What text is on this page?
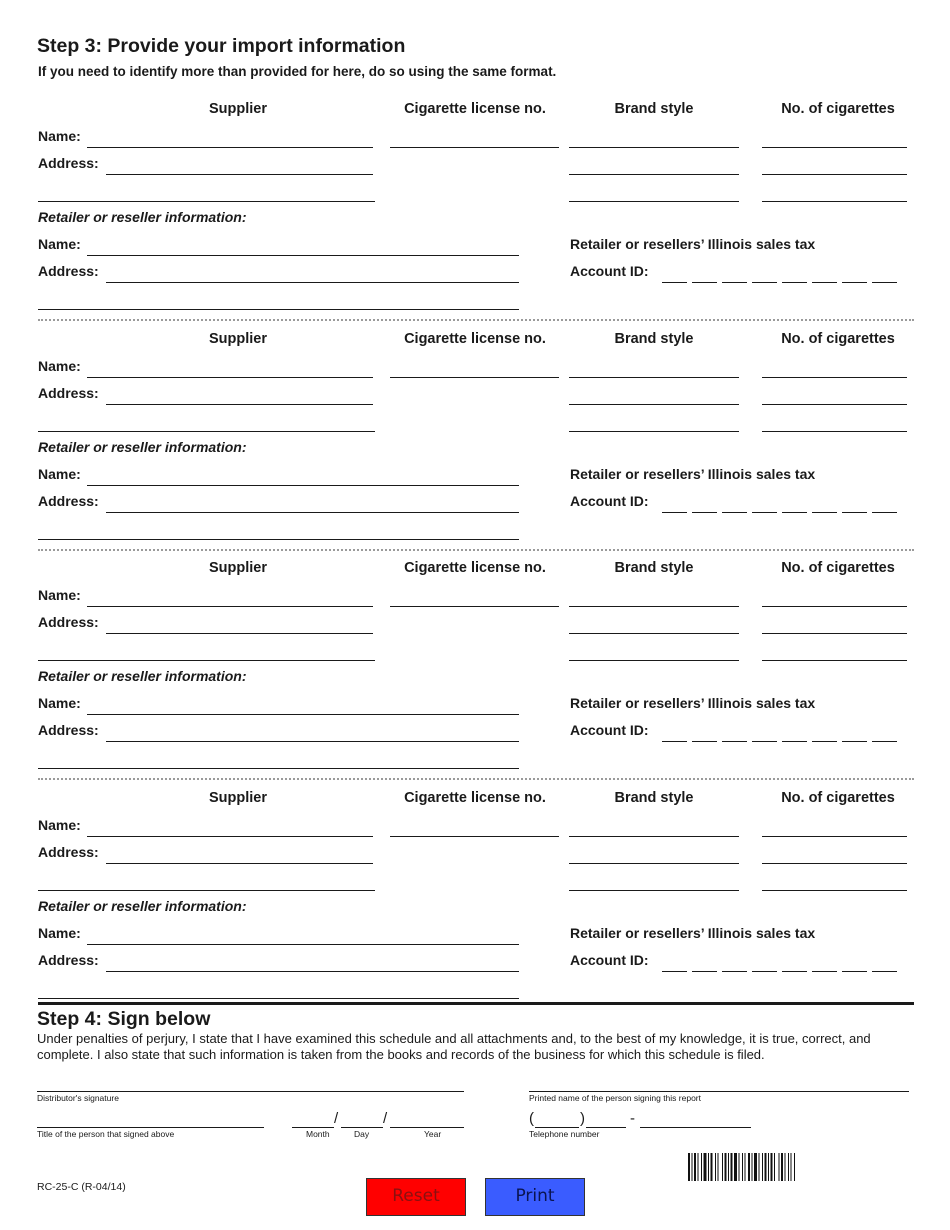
Step 3: Provide your import information
If you need to identify more than provided for here, do so using the same format.
Supplier	Cigarette license no.	Brand style	No. of cigarettes
Name:
Address:
Retailer or reseller information:
Name:	Retailer or resellers’ Illinois sales tax
Address:	Account ID:
Supplier	Cigarette license no.	Brand style	No. of cigarettes
Name:
Address:
Retailer or reseller information:
Name:	Retailer or resellers’ Illinois sales tax
Address:	Account ID:
Supplier	Cigarette license no.	Brand style	No. of cigarettes
Name:
Address:
Retailer or reseller information:
Name:	Retailer or resellers’ Illinois sales tax
Address:	Account ID:
Supplier	Cigarette license no.	Brand style	No. of cigarettes
Name:
Address:
Retailer or reseller information:
Name:	Retailer or resellers’ Illinois sales tax
Address:	Account ID:
Step 4: Sign below
Under penalties of perjury, I state that I have examined this schedule and all attachments and, to the best of my knowledge, it is true, correct, and complete. I also state that such information is taken from the books and records of the business for which this schedule is filed.
Distributor's signature	Printed name of the person signing this report
Title of the person that signed above
/	/
Month	Day	Year
(	)	-
Telephone number
RC-25-C (R-04/14)	Reset	Print
